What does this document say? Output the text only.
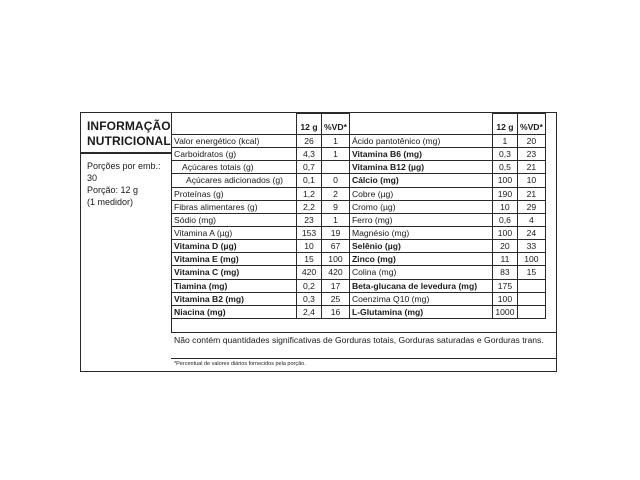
INFORMAÇÃO
NUTRICIONAL
Porções por emb.:
30
Porção: 12 g
(1 medidor)
	12 g	%VD*		12 g	%VD*
Valor energético (kcal)	26	1	Ácido pantotênico (mg)	1	20
Carboidratos (g)	4,3	1	Vitamina B6 (mg)	0,3	23
Açúcares totais (g)	0,7		Vitamina B12 (µg)	0,5	21
Açúcares adicionados (g)	0,1	0	Cálcio (mg)	100	10
Proteínas (g)	1,2	2	Cobre (µg)	190	21
Fibras alimentares (g)	2,2	9	Cromo (µg)	10	29
Sódio (mg)	23	1	Ferro (mg)	0,6	4
Vitamina A (µg)	153	19	Magnésio (mg)	100	24
Vitamina D (µg)	10	67	Selênio (µg)	20	33
Vitamina E (mg)	15	100	Zinco (mg)	11	100
Vitamina C (mg)	420	420	Colina (mg)	83	15
Tiamina (mg)	0,2	17	Beta-glucana de levedura (mg)	175	
Vitamina B2 (mg)	0,3	25	Coenzima Q10 (mg)	100	
Niacina (mg)	2,4	16	L-Glutamina (mg)	1000	
Não contém quantidades significativas de Gorduras totais, Gorduras saturadas e Gorduras trans.
*Percentual de valores diários fornecidos pela porção.
